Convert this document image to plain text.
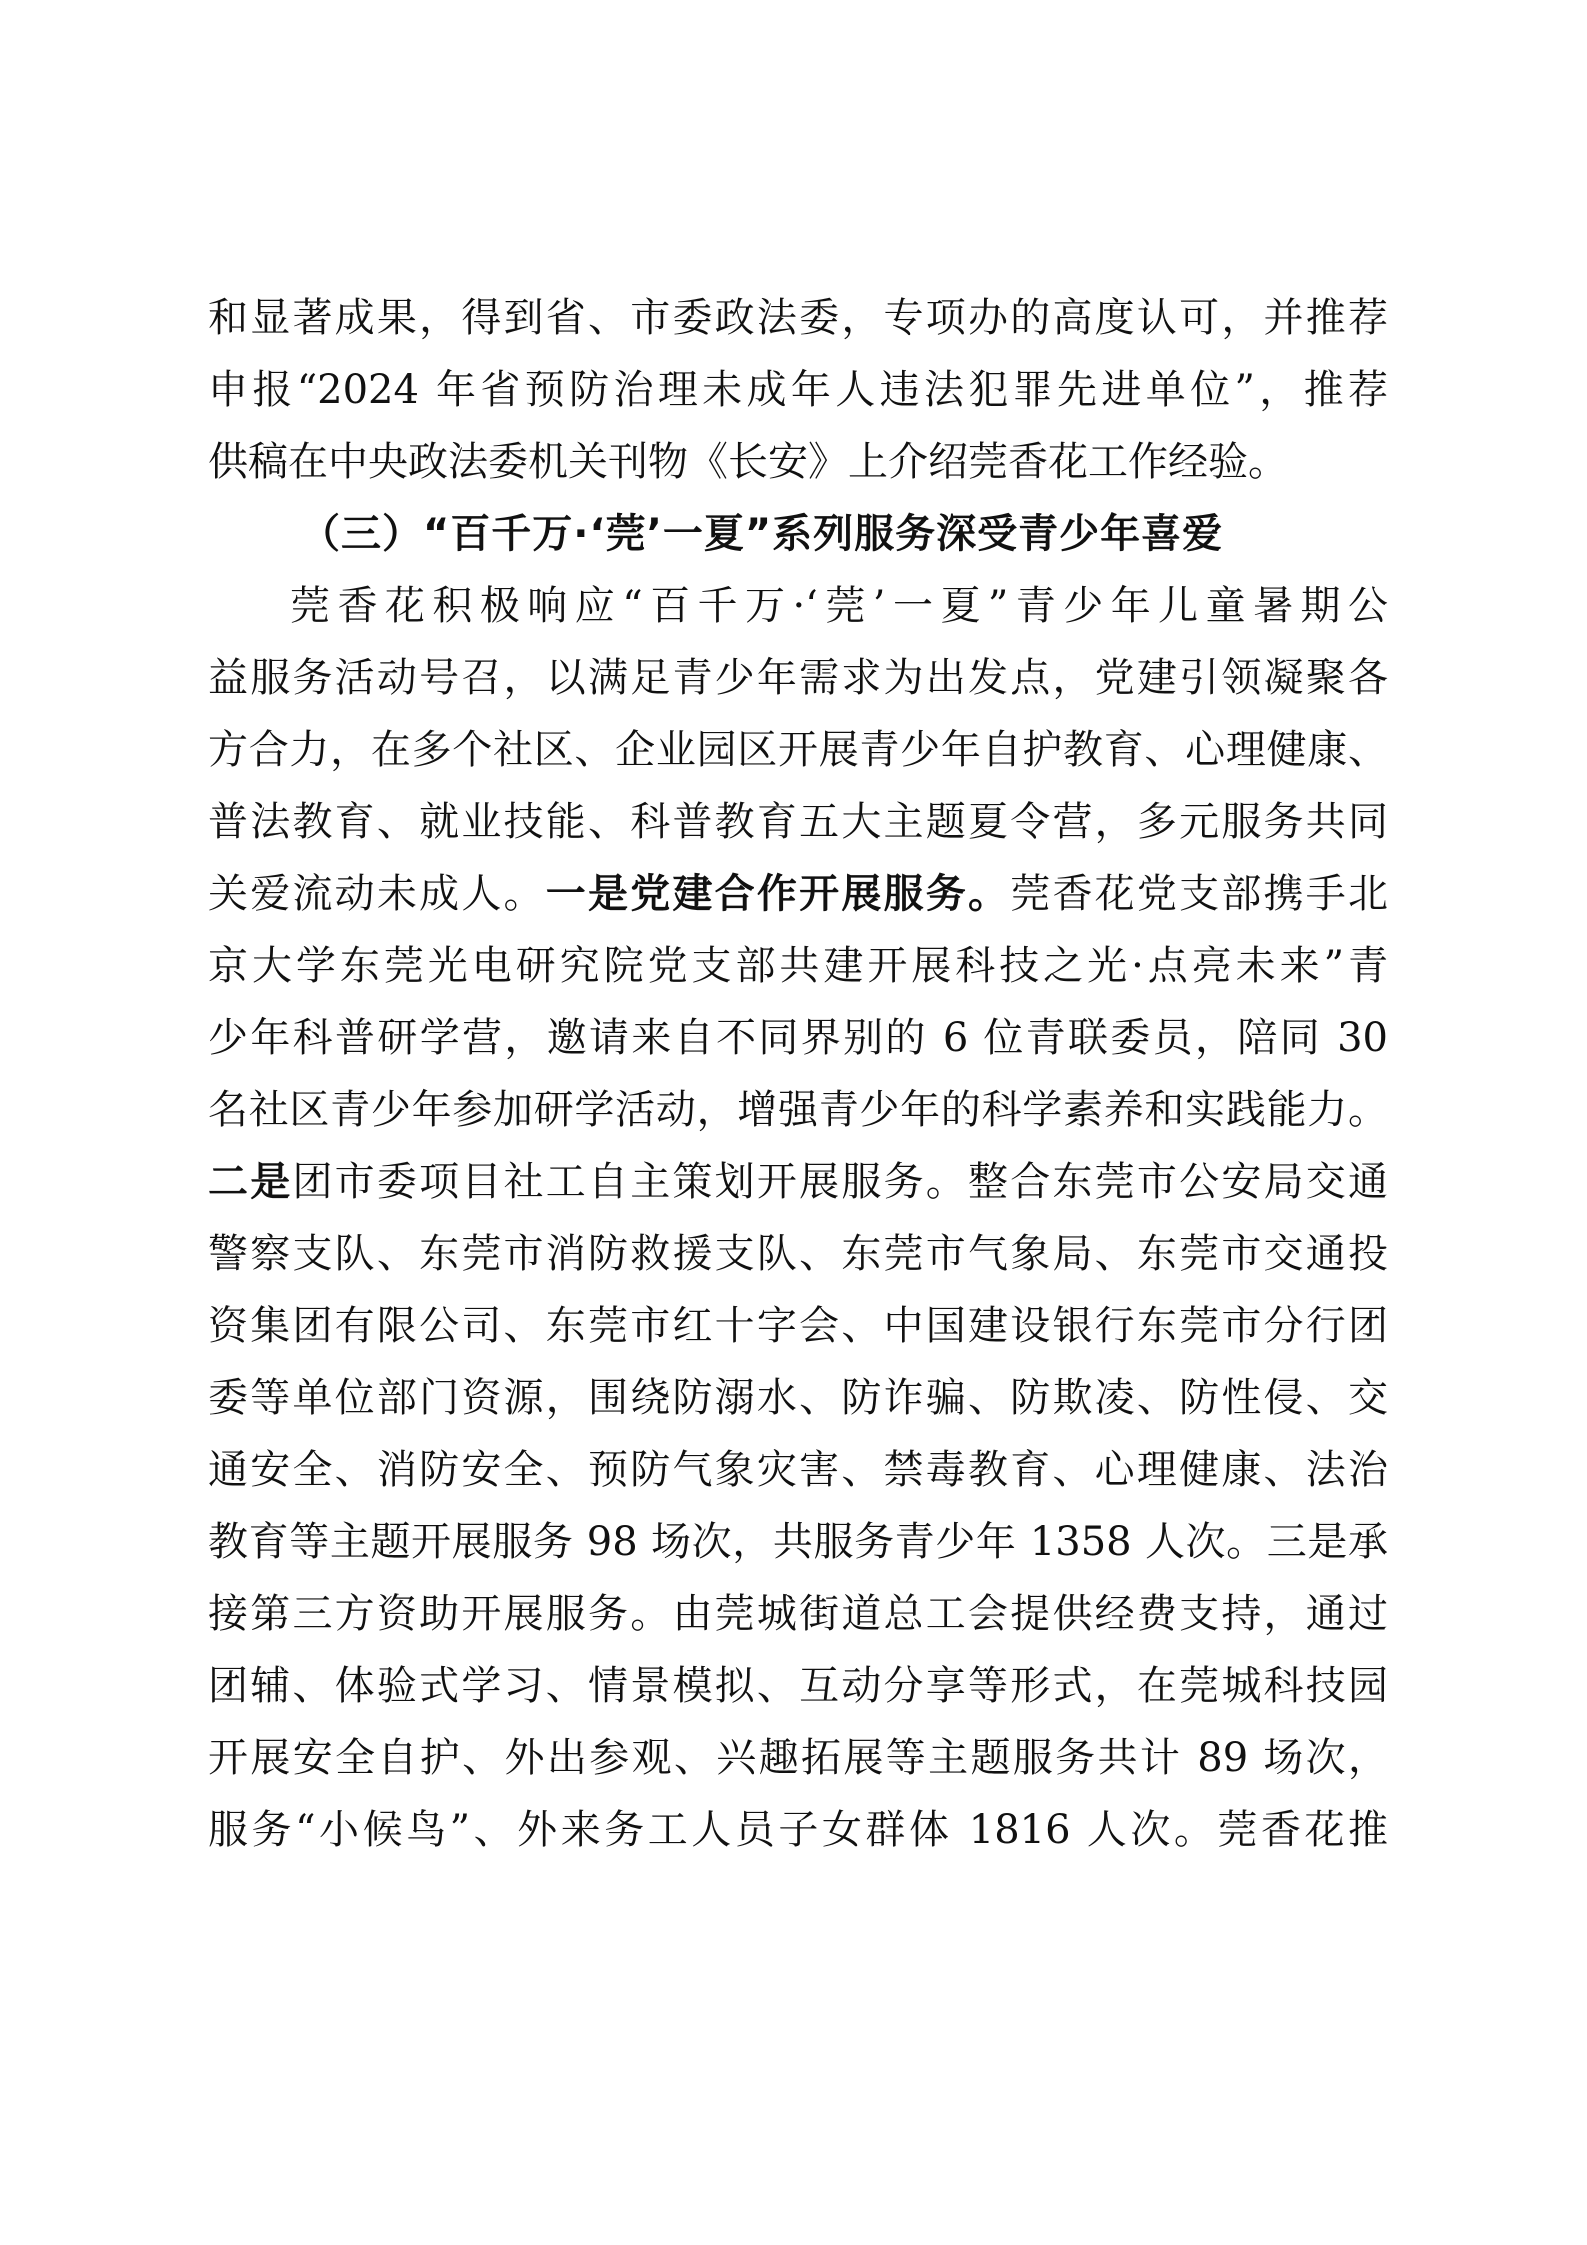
和显著成果，得到省、市委政法委，专项办的高度认可，并推荐
申报“2024 年省预防治理未成年人违法犯罪先进单位”，推荐
供稿在中央政法委机关刊物《长安》上介绍莞香花工作经验。
（三）“百千万·‘莞’一夏”系列服务深受青少年喜爱
莞香花积极响应“百千万·‘莞’一夏”青少年儿童暑期公
益服务活动号召，以满足青少年需求为出发点，党建引领凝聚各
方合力，在多个社区、企业园区开展青少年自护教育、心理健康、
普法教育、就业技能、科普教育五大主题夏令营，多元服务共同
关爱流动未成人。一是党建合作开展服务。莞香花党支部携手北
京大学东莞光电研究院党支部共建开展科技之光·点亮未来”青
少年科普研学营，邀请来自不同界别的 6 位青联委员，陪同 30
名社区青少年参加研学活动，增强青少年的科学素养和实践能力。
二是团市委项目社工自主策划开展服务。整合东莞市公安局交通
警察支队、东莞市消防救援支队、东莞市气象局、东莞市交通投
资集团有限公司、东莞市红十字会、中国建设银行东莞市分行团
委等单位部门资源，围绕防溺水、防诈骗、防欺凌、防性侵、交
通安全、消防安全、预防气象灾害、禁毒教育、心理健康、法治
教育等主题开展服务 98 场次，共服务青少年 1358 人次。三是承
接第三方资助开展服务。由莞城街道总工会提供经费支持，通过
团辅、体验式学习、情景模拟、互动分享等形式，在莞城科技园
开展安全自护、外出参观、兴趣拓展等主题服务共计 89 场次，
服务“小候鸟”、外来务工人员子女群体 1816 人次。莞香花推
